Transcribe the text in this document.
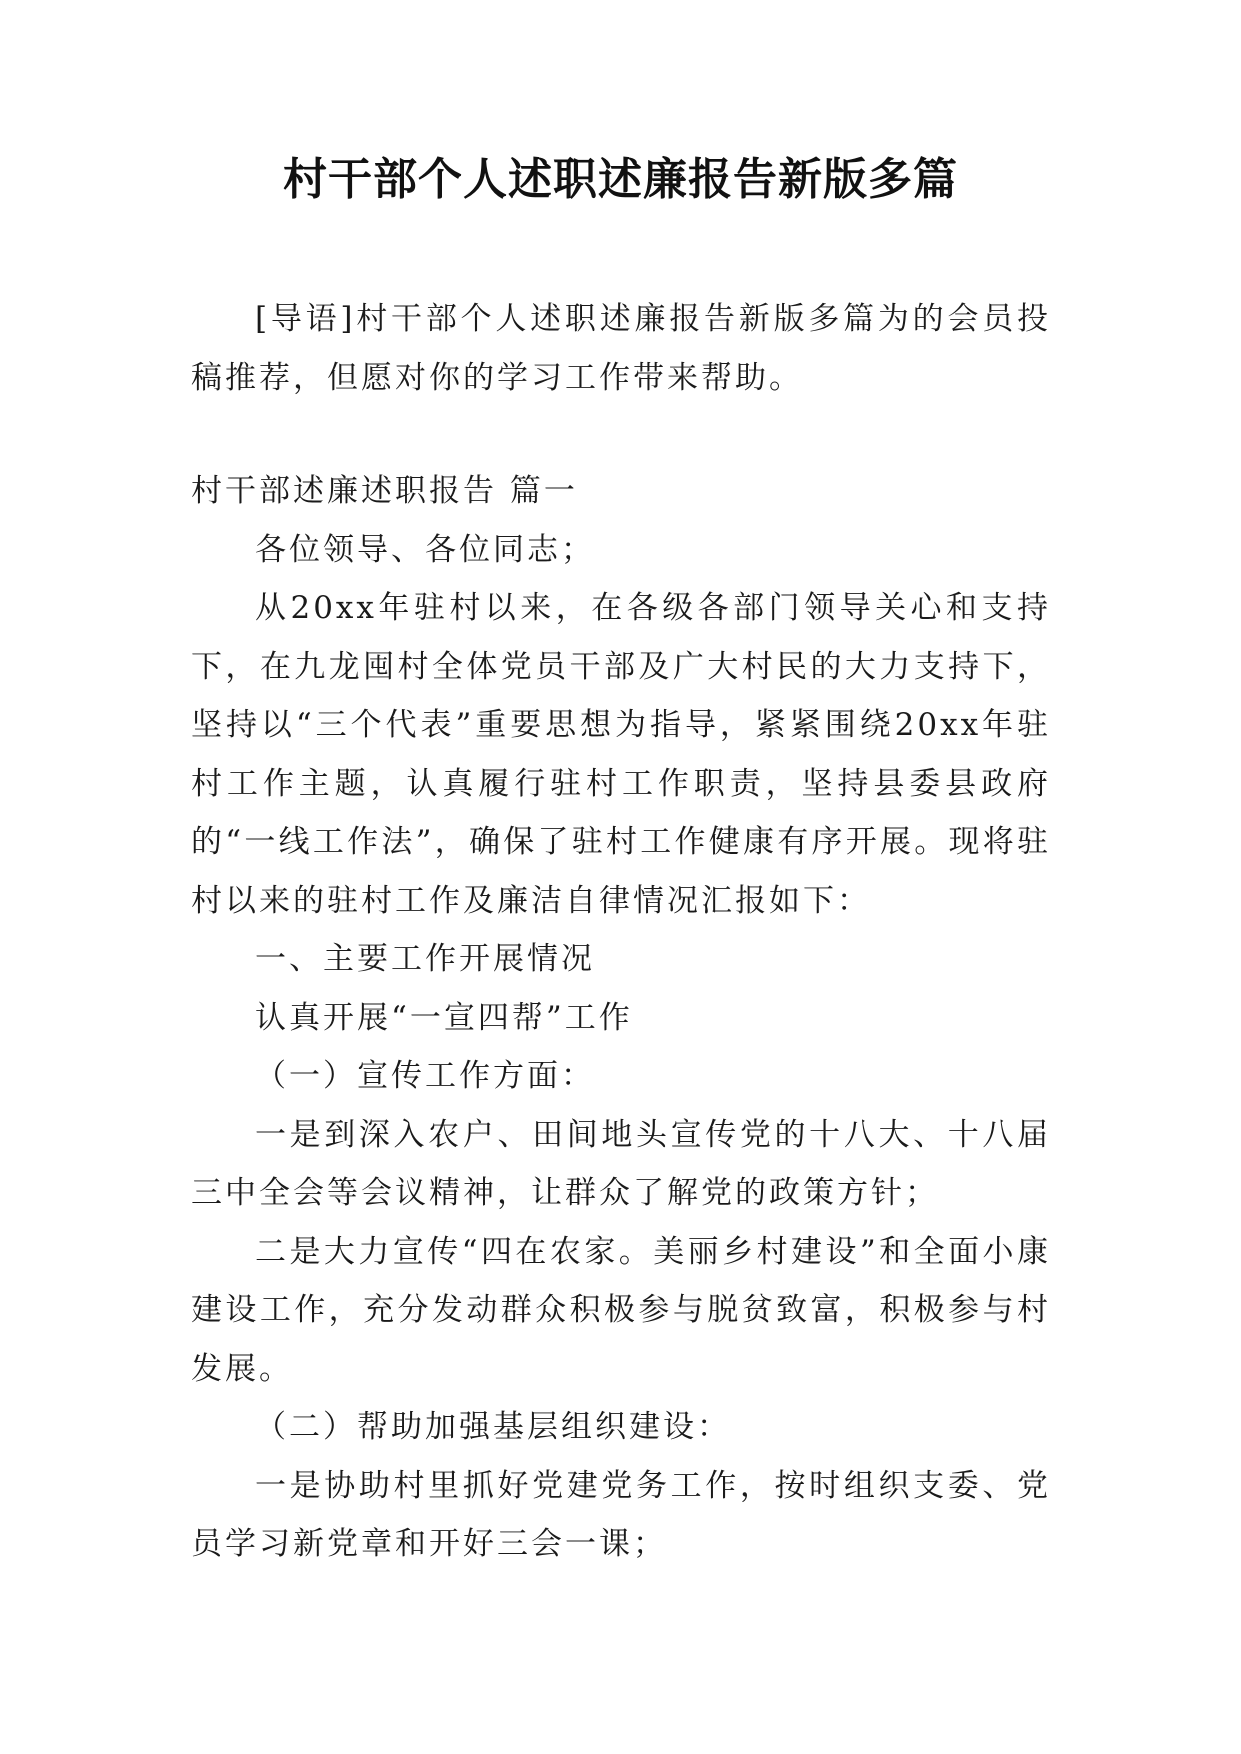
村干部个人述职述廉报告新版多篇

[导语]村干部个人述职述廉报告新版多篇为的会员投稿推荐，但愿对你的学习工作带来帮助。

村干部述廉述职报告 篇一

各位领导、各位同志；

从20xx年驻村以来，在各级各部门领导关心和支持下，在九龙囤村全体党员干部及广大村民的大力支持下，坚持以“三个代表”重要思想为指导，紧紧围绕20xx年驻村工作主题，认真履行驻村工作职责，坚持县委县政府的“一线工作法”，确保了驻村工作健康有序开展。现将驻村以来的驻村工作及廉洁自律情况汇报如下：

一、主要工作开展情况

认真开展“一宣四帮”工作

（一）宣传工作方面：

一是到深入农户、田间地头宣传党的十八大、十八届三中全会等会议精神，让群众了解党的政策方针；

二是大力宣传“四在农家。美丽乡村建设”和全面小康建设工作，充分发动群众积极参与脱贫致富，积极参与村发展。

（二）帮助加强基层组织建设：

一是协助村里抓好党建党务工作，按时组织支委、党员学习新党章和开好三会一课；
